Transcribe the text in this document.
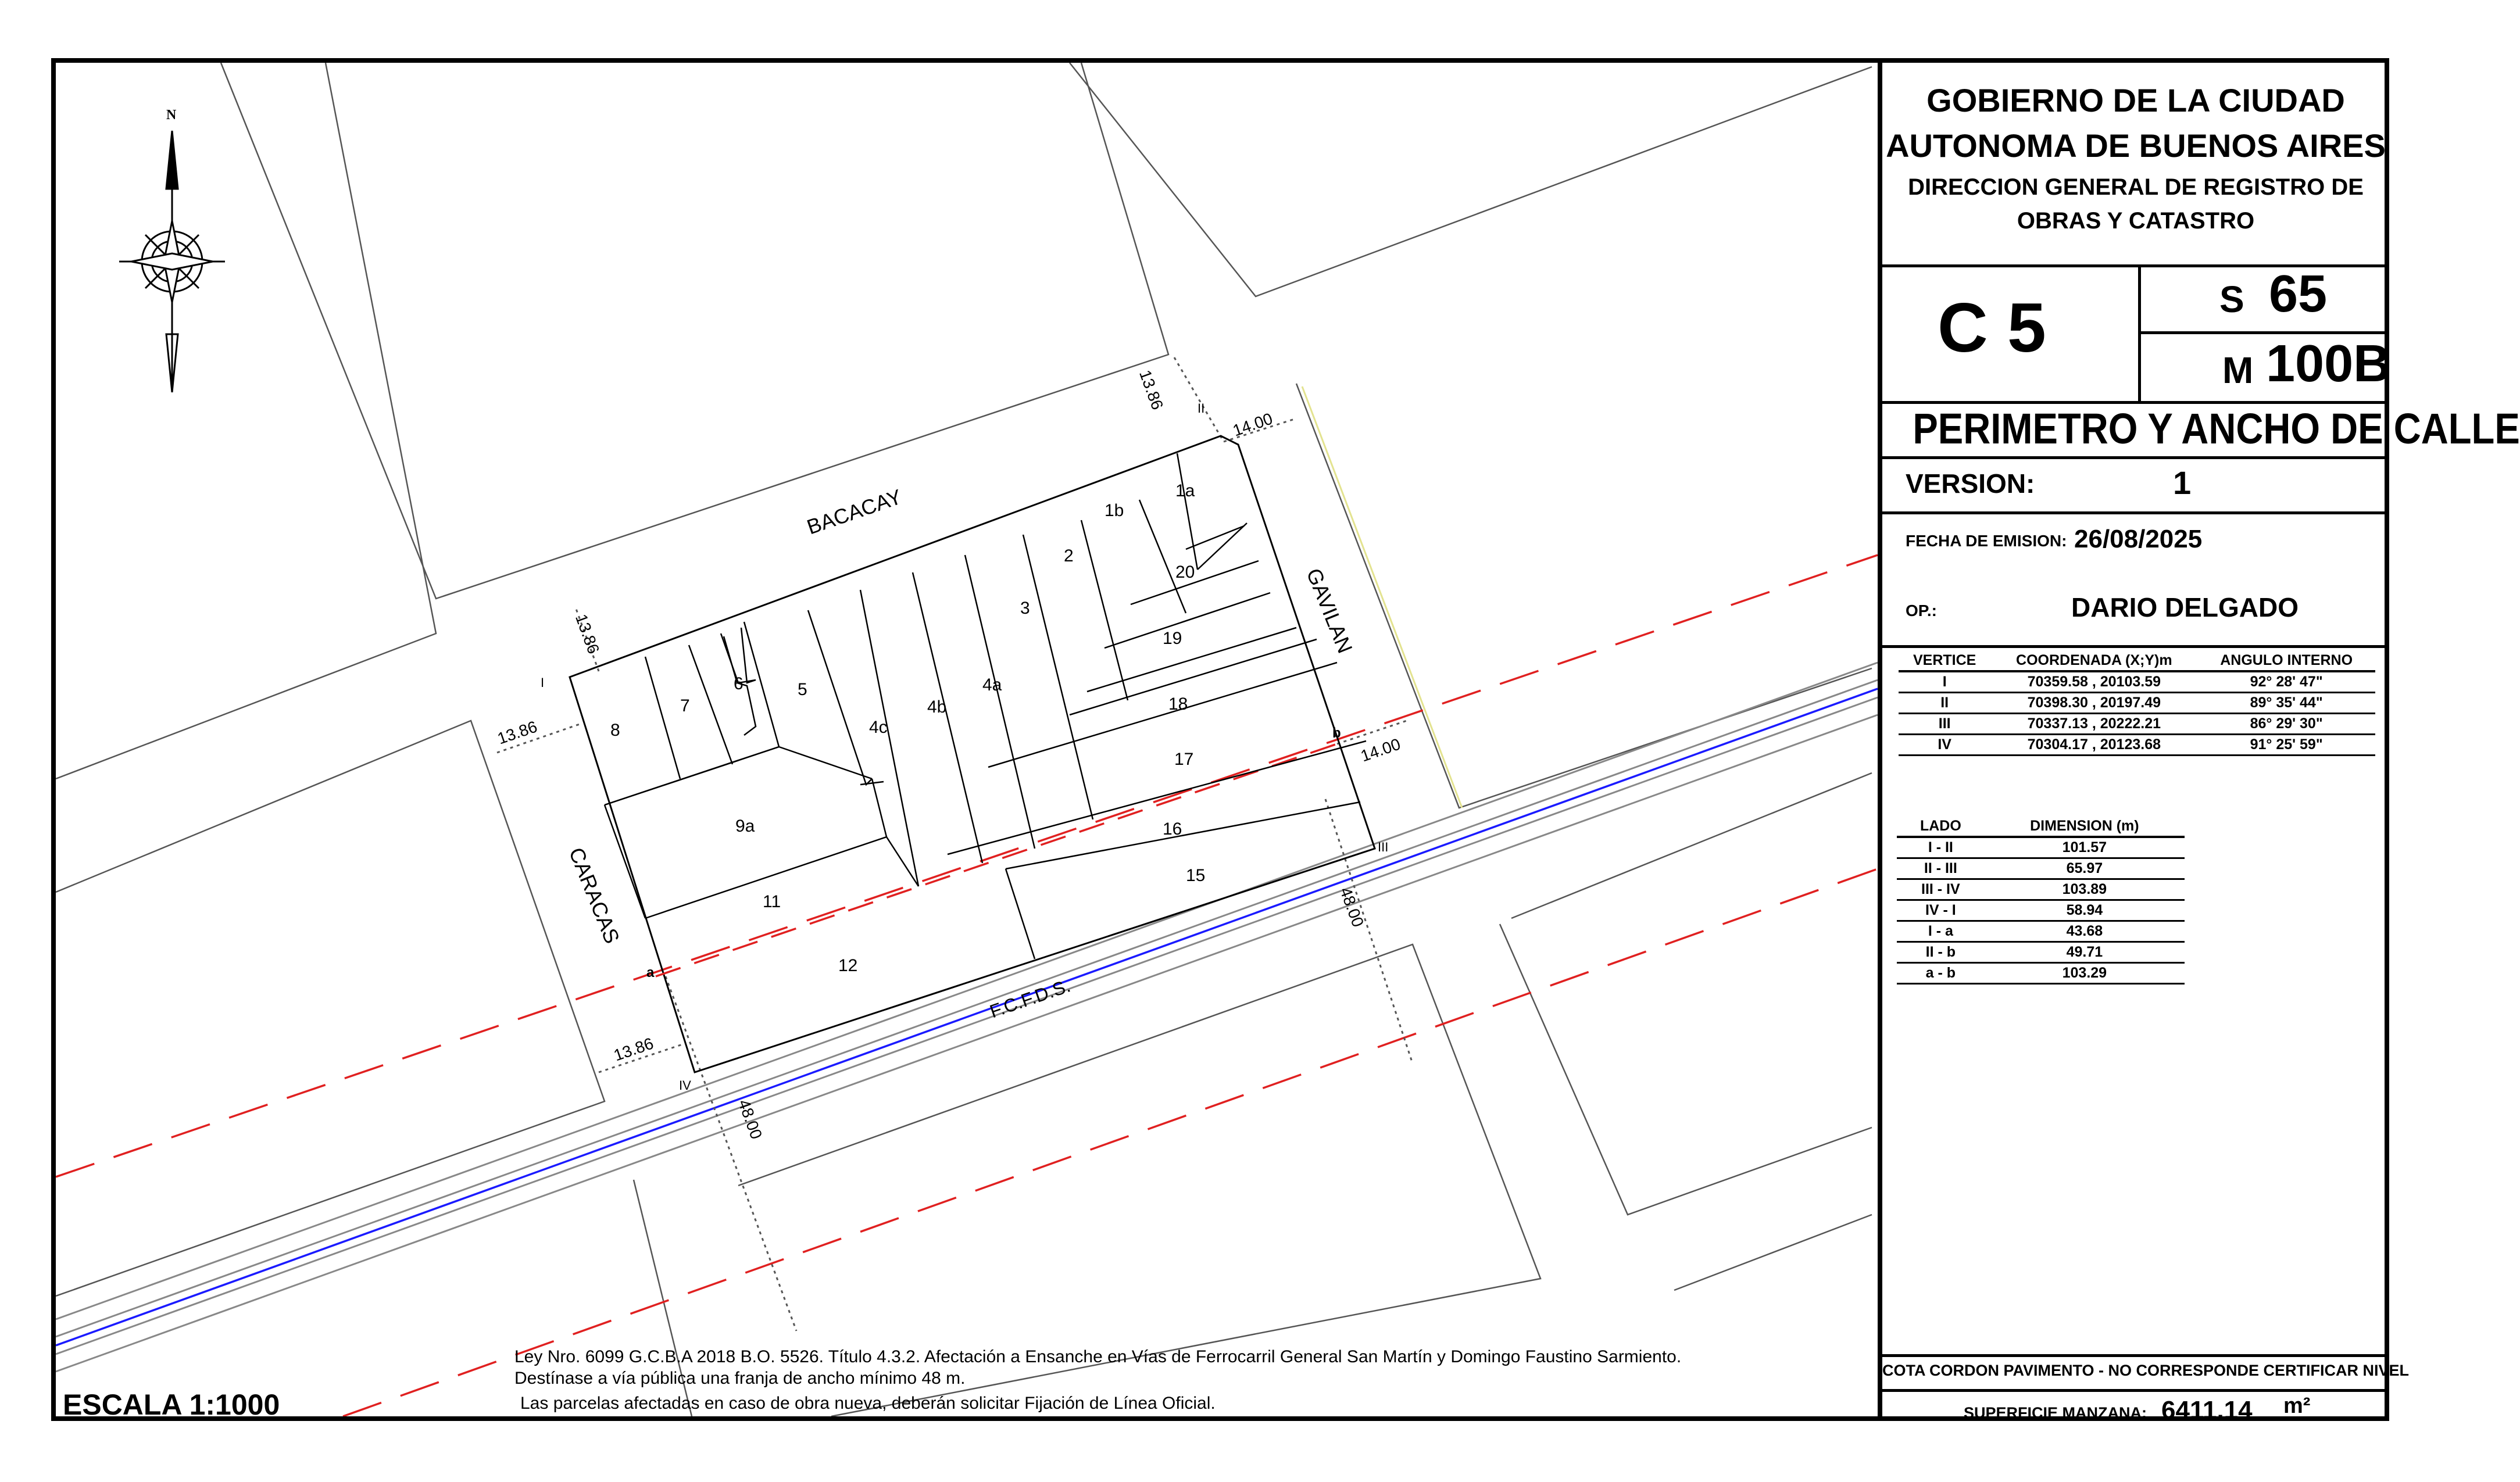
N
BACACAY
GAVILAN
CARACAS
F.C.F.D.S.
I
II
III
IV
a
b
13.86
13.86
13.86
13.86
14.00
14.00
48.00
48.00
1a
1b
2
20
3
19
4a
18
4b
17
4c
16
5
15
6
7
8
9a
11
12
Ley Nro. 6099 G.C.B.A 2018 B.O. 5526. Título 4.3.2. Afectación a Ensanche en Vías de Ferrocarril General San Martín y Domingo Faustino Sarmiento.
Destínase a vía pública una franja de ancho mínimo 48 m.
Las parcelas afectadas en caso de obra nueva, deberán solicitar Fijación de Línea Oficial.
ESCALA 1:1000
GOBIERNO DE LA CIUDAD
AUTONOMA DE BUENOS AIRES
DIRECCION GENERAL DE REGISTRO DE
OBRAS Y CATASTRO
C 5	S 65
M 100B
PERIMETRO Y ANCHO DE CALLE
VERSION:	1
FECHA DE EMISION: 26/08/2025
OP.:	DARIO DELGADO
VERTICE	COORDENADA (X;Y)m	ANGULO INTERNO
I	70359.58 , 20103.59	92° 28' 47"
II	70398.30 , 20197.49	89° 35' 44"
III	70337.13 , 20222.21	86° 29' 30"
IV	70304.17 , 20123.68	91° 25' 59"
LADO	DIMENSION (m)
I - II	101.57
II - III	65.97
III - IV	103.89
IV - I	58.94
I - a	43.68
II - b	49.71
a - b	103.29
COTA CORDON PAVIMENTO - NO CORRESPONDE CERTIFICAR NIVEL
SUPERFICIE MANZANA: 6411.14 m²
